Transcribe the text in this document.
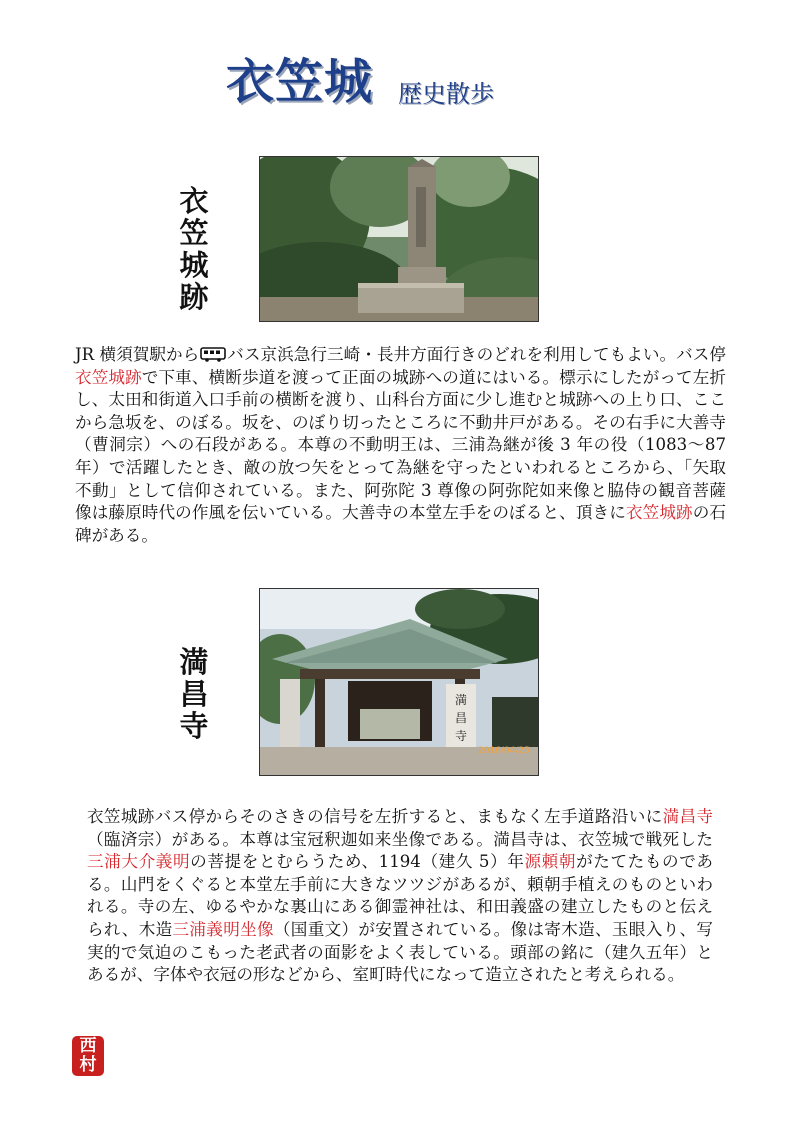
衣笠城 歴史散歩
衣笠城跡
JR 横須賀駅から バス京浜急行三崎・長井方面行きのどれを利用してもよい。バス停衣笠城跡で下車、横断歩道を渡って正面の城跡への道にはいる。標示にしたがって左折し、太田和街道入口手前の横断を渡り、山科台方面に少し進むと城跡への上り口、ここから急坂を、のぼる。坂を、のぼり切ったところに不動井戸がある。その右手に大善寺（曹洞宗）への石段がある。本尊の不動明王は、三浦為継が後 3 年の役（1083～87 年）で活躍したとき、敵の放つ矢をとって為継を守ったといわれるところから、「矢取不動」として信仰されている。また、阿弥陀 3 尊像の阿弥陀如来像と脇侍の観音菩薩像は藤原時代の作風を伝いている。大善寺の本堂左手をのぼると、頂きに衣笠城跡の石碑がある。
満昌寺
満
昌
寺
2016/04/25
衣笠城跡バス停からそのさきの信号を左折すると、まもなく左手道路沿いに満昌寺（臨済宗）がある。本尊は宝冠釈迦如来坐像である。満昌寺は、衣笠城で戦死した三浦大介義明の菩提をとむらうため、1194（建久 5）年源頼朝がたてたものである。山門をくぐると本堂左手前に大きなツツジがあるが、頼朝手植えのものといわれる。寺の左、ゆるやかな裏山にある御霊神社は、和田義盛の建立したものと伝えられ、木造三浦義明坐像（国重文）が安置されている。像は寄木造、玉眼入り、写実的で気迫のこもった老武者の面影をよく表している。頭部の銘に（建久五年）とあるが、字体や衣冠の形などから、室町時代になって造立されたと考えられる。
西
村
